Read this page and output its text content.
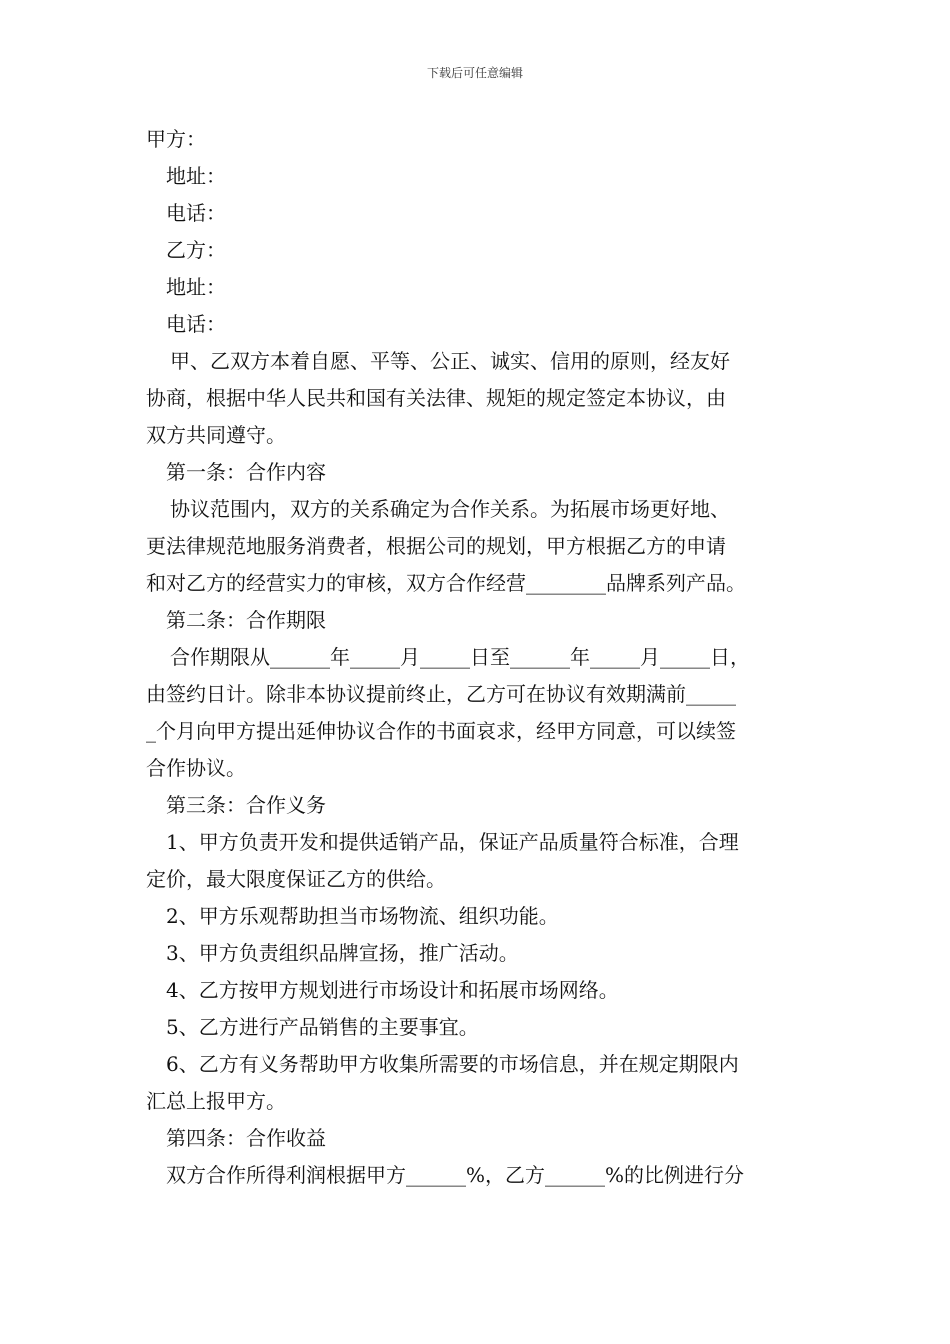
下载后可任意编辑
甲方：
地址：
电话：
乙方：
地址：
电话：
甲、乙双方本着自愿、平等、公正、诚实、信用的原则，经友好
协商，根据中华人民共和国有关法律、规矩的规定签定本协议，由
双方共同遵守。
第一条：合作内容
协议范围内，双方的关系确定为合作关系。为拓展市场更好地、
更法律规范地服务消费者，根据公司的规划，甲方根据乙方的申请
和对乙方的经营实力的审核，双方合作经营________品牌系列产品。
第二条：合作期限
合作期限从______年_____月_____日至______年_____月_____日，
由签约日计。除非本协议提前终止，乙方可在协议有效期满前_____
_个月向甲方提出延伸协议合作的书面哀求，经甲方同意，可以续签
合作协议。
第三条：合作义务
1、甲方负责开发和提供适销产品，保证产品质量符合标准，合理
定价，最大限度保证乙方的供给。
2、甲方乐观帮助担当市场物流、组织功能。
3、甲方负责组织品牌宣扬，推广活动。
4、乙方按甲方规划进行市场设计和拓展市场网络。
5、乙方进行产品销售的主要事宜。
6、乙方有义务帮助甲方收集所需要的市场信息，并在规定期限内
汇总上报甲方。
第四条：合作收益
双方合作所得利润根据甲方______%，乙方______%的比例进行分
